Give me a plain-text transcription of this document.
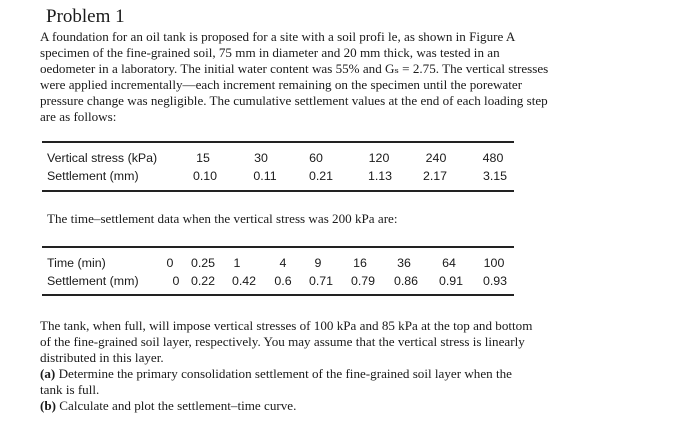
Problem 1
A foundation for an oil tank is proposed for a site with a soil profi le, as shown in Figure A
specimen of the fine-grained soil, 75 mm in diameter and 20 mm thick, was tested in an
oedometer in a laboratory. The initial water content was 55% and Gₛ = 2.75. The vertical stresses
were applied incrementally—each increment remaining on the specimen until the porewater
pressure change was negligible. The cumulative settlement values at the end of each loading step
are as follows:
Vertical stress (kPa)	15	30	60	120	240	480
Settlement (mm)	0.10	0.11	0.21	1.13 2.17	3.15
The time–settlement data when the vertical stress was 200 kPa are:
Time (min)	0 0.25 1	4 9	16 36	64 100
Settlement (mm)	0 0.22 0.42 0.6 0.71 0.79 0.86 0.91 0.93
The tank, when full, will impose vertical stresses of 100 kPa and 85 kPa at the top and bottom
of the fine-grained soil layer, respectively. You may assume that the vertical stress is linearly
distributed in this layer.
(a) Determine the primary consolidation settlement of the fine-grained soil layer when the
tank is full.
(b) Calculate and plot the settlement–time curve.
